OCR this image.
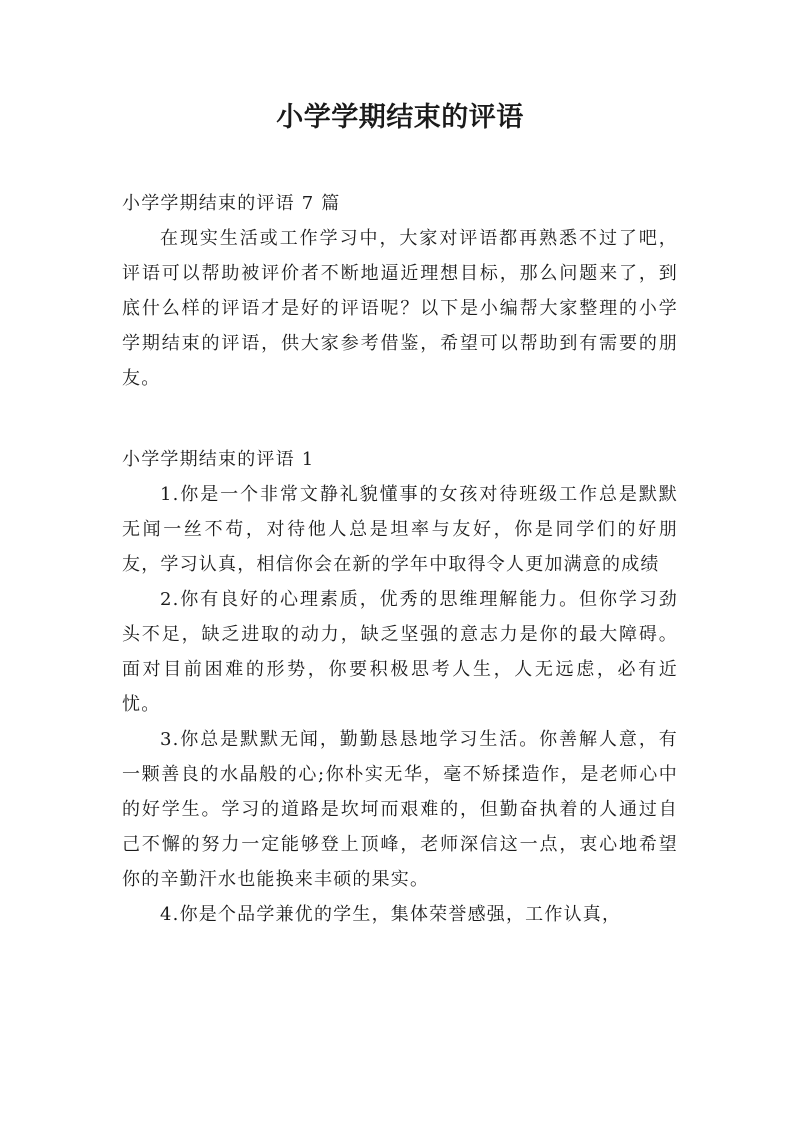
小学学期结束的评语

小学学期结束的评语 7 篇

在现实生活或工作学习中，大家对评语都再熟悉不过了吧，评语可以帮助被评价者不断地逼近理想目标，那么问题来了，到底什么样的评语才是好的评语呢？以下是小编帮大家整理的小学学期结束的评语，供大家参考借鉴，希望可以帮助到有需要的朋友。

小学学期结束的评语 1

1.你是一个非常文静礼貌懂事的女孩对待班级工作总是默默无闻一丝不苟，对待他人总是坦率与友好，你是同学们的好朋友，学习认真，相信你会在新的学年中取得令人更加满意的成绩

2.你有良好的心理素质，优秀的思维理解能力。但你学习劲头不足，缺乏进取的动力，缺乏坚强的意志力是你的最大障碍。面对目前困难的形势，你要积极思考人生，人无远虑，必有近忧。

3.你总是默默无闻，勤勤恳恳地学习生活。你善解人意，有一颗善良的水晶般的心;你朴实无华，毫不矫揉造作，是老师心中的好学生。学习的道路是坎坷而艰难的，但勤奋执着的人通过自己不懈的努力一定能够登上顶峰，老师深信这一点，衷心地希望你的辛勤汗水也能换来丰硕的果实。

4.你是个品学兼优的学生，集体荣誉感强，工作认真，
